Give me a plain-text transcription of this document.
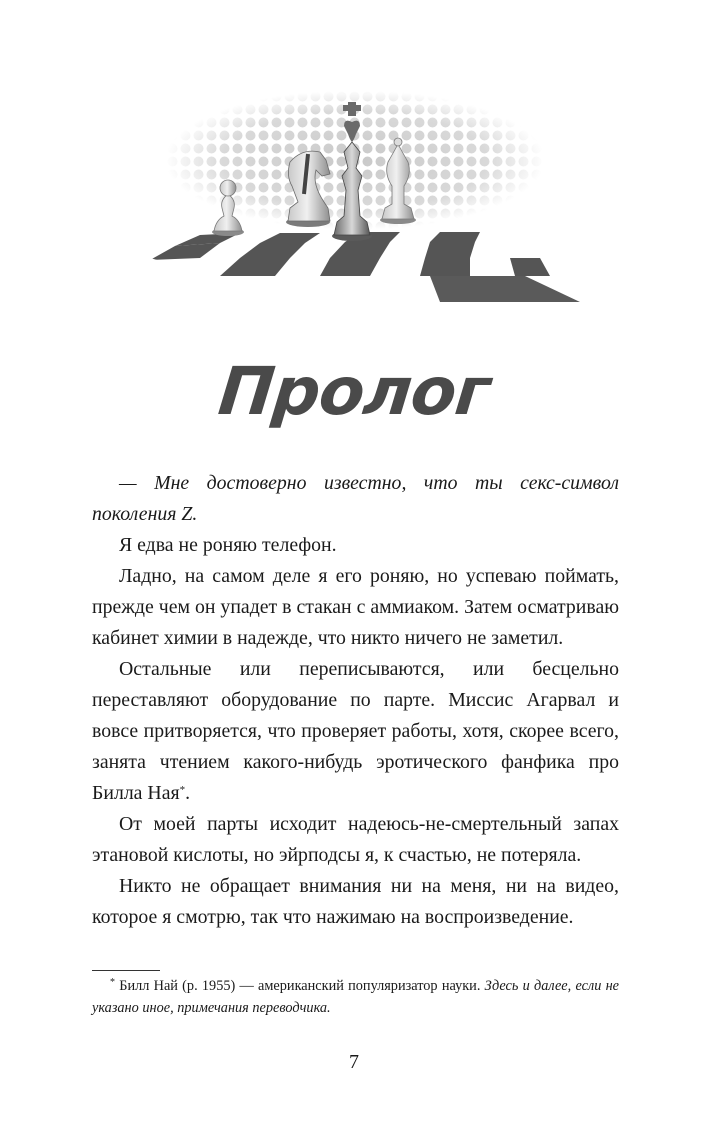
Пролог

— Мне достоверно известно, что ты секс-символ поколения Z.

Я едва не роняю телефон.

Ладно, на самом деле я его роняю, но успеваю поймать, прежде чем он упадет в стакан с аммиаком. Затем осматриваю кабинет химии в надежде, что никто ничего не заметил.

Остальные или переписываются, или бесцельно переставляют оборудование по парте. Миссис Агарвал и вовсе притворяется, что проверяет работы, хотя, скорее всего, занята чтением какого-нибудь эротического фанфика про Билла Ная*.

От моей парты исходит надеюсь-не-смертельный запах этановой кислоты, но эйрподсы я, к счастью, не потеряла.

Никто не обращает внимания ни на меня, ни на видео, которое я смотрю, так что нажимаю на воспроизведение.

* Билл Най (р. 1955) — американский популяризатор науки. Здесь и далее, если не указано иное, примечания переводчика.
7
